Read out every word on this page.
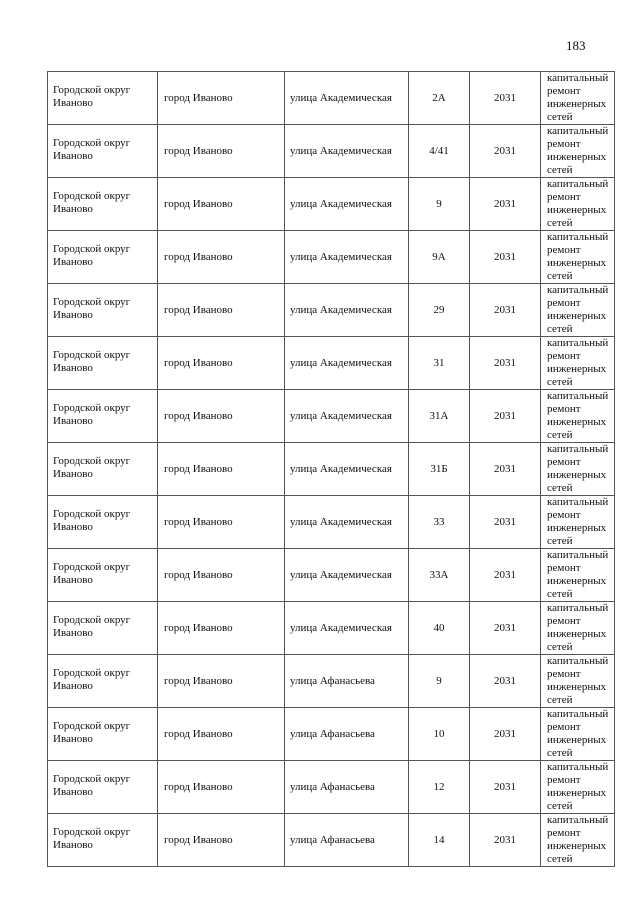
183
Городской округ Иваново	город Иваново	улица Академическая	2А	2031	капитальный ремонт инженерных сетей
Городской округ Иваново	город Иваново	улица Академическая	4/41	2031	капитальный ремонт инженерных сетей
Городской округ Иваново	город Иваново	улица Академическая	9	2031	капитальный ремонт инженерных сетей
Городской округ Иваново	город Иваново	улица Академическая	9А	2031	капитальный ремонт инженерных сетей
Городской округ Иваново	город Иваново	улица Академическая	29	2031	капитальный ремонт инженерных сетей
Городской округ Иваново	город Иваново	улица Академическая	31	2031	капитальный ремонт инженерных сетей
Городской округ Иваново	город Иваново	улица Академическая	31А	2031	капитальный ремонт инженерных сетей
Городской округ Иваново	город Иваново	улица Академическая	31Б	2031	капитальный ремонт инженерных сетей
Городской округ Иваново	город Иваново	улица Академическая	33	2031	капитальный ремонт инженерных сетей
Городской округ Иваново	город Иваново	улица Академическая	33А	2031	капитальный ремонт инженерных сетей
Городской округ Иваново	город Иваново	улица Академическая	40	2031	капитальный ремонт инженерных сетей
Городской округ Иваново	город Иваново	улица Афанасьева	9	2031	капитальный ремонт инженерных сетей
Городской округ Иваново	город Иваново	улица Афанасьева	10	2031	капитальный ремонт инженерных сетей
Городской округ Иваново	город Иваново	улица Афанасьева	12	2031	капитальный ремонт инженерных сетей
Городской округ Иваново	город Иваново	улица Афанасьева	14	2031	капитальный ремонт инженерных сетей
